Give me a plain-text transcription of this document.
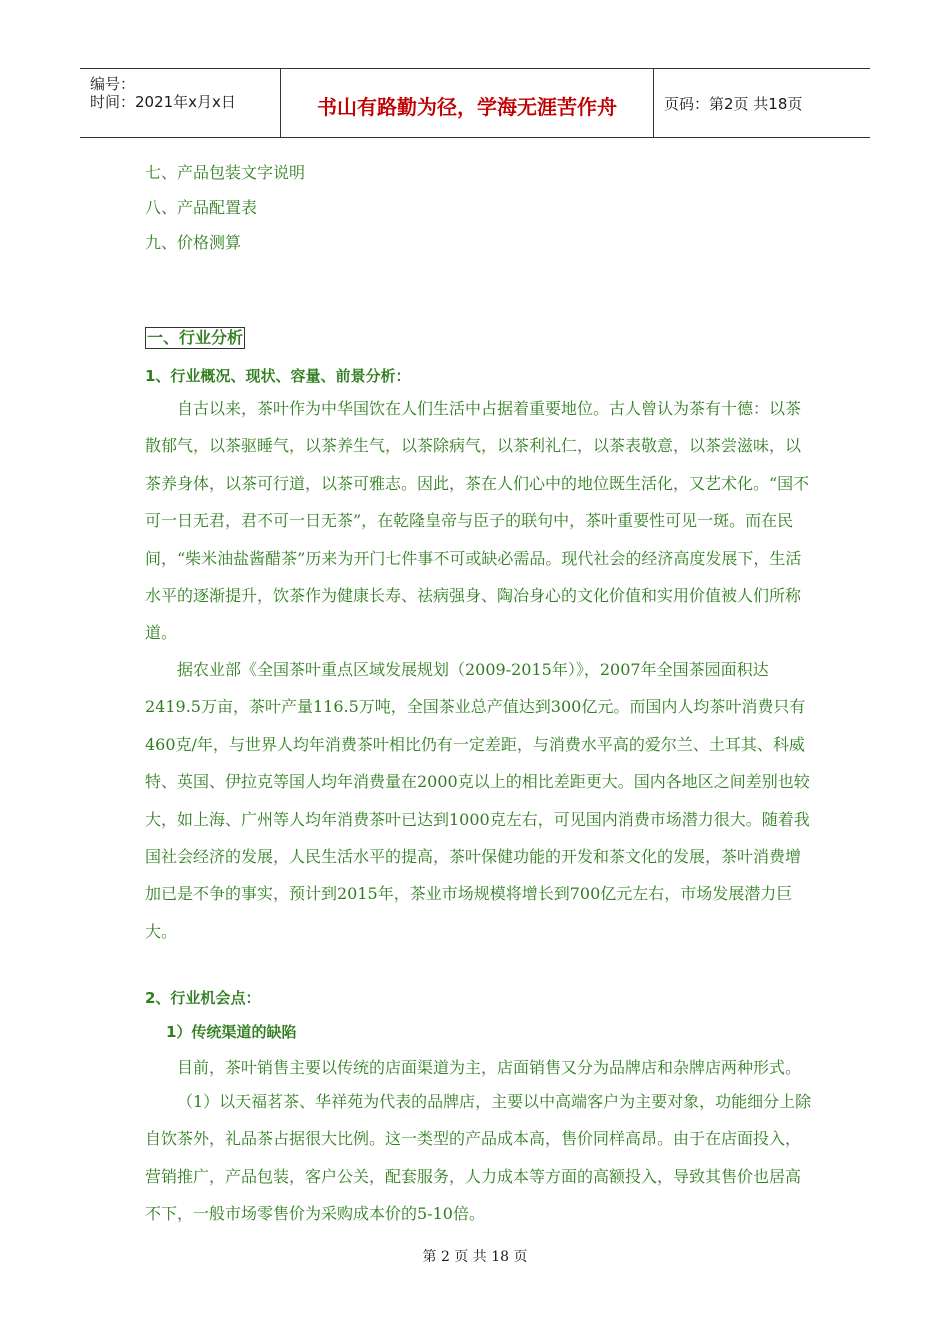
编号：
时间：2021年x月x日	书山有路勤为径，学海无涯苦作舟	页码：第2页 共18页
七、产品包装文字说明
八、产品配置表
九、价格测算
一、行业分析
1、行业概况、现状、容量、前景分析：

自古以来，茶叶作为中华国饮在人们生活中占据着重要地位。古人曾认为茶有十德：以茶散郁气，以茶驱睡气，以茶养生气，以茶除病气，以茶利礼仁，以茶表敬意，以茶尝滋味，以茶养身体，以茶可行道，以茶可雅志。因此，茶在人们心中的地位既生活化，又艺术化。“国不可一日无君，君不可一日无茶”，在乾隆皇帝与臣子的联句中，茶叶重要性可见一斑。而在民间，“柴米油盐酱醋茶”历来为开门七件事不可或缺必需品。现代社会的经济高度发展下，生活水平的逐渐提升，饮茶作为健康长寿、祛病强身、陶冶身心的文化价值和实用价值被人们所称道。

据农业部《全国茶叶重点区域发展规划（2009-2015年）》，2007年全国茶园面积达2419.5万亩，茶叶产量116.5万吨，全国茶业总产值达到300亿元。而国内人均茶叶消费只有460克/年，与世界人均年消费茶叶相比仍有一定差距，与消费水平高的爱尔兰、土耳其、科威特、英国、伊拉克等国人均年消费量在2000克以上的相比差距更大。国内各地区之间差别也较大，如上海、广州等人均年消费茶叶已达到1000克左右，可见国内消费市场潜力很大。随着我国社会经济的发展，人民生活水平的提高，茶叶保健功能的开发和茶文化的发展，茶叶消费增加已是不争的事实，预计到2015年，茶业市场规模将增长到700亿元左右，市场发展潜力巨大。

2、行业机会点：
1）传统渠道的缺陷

目前，茶叶销售主要以传统的店面渠道为主，店面销售又分为品牌店和杂牌店两种形式。

（1）以天福茗茶、华祥苑为代表的品牌店，主要以中高端客户为主要对象，功能细分上除自饮茶外，礼品茶占据很大比例。这一类型的产品成本高，售价同样高昂。由于在店面投入，营销推广，产品包装，客户公关，配套服务，人力成本等方面的高额投入，导致其售价也居高不下，一般市场零售价为采购成本价的5-10倍。

第 2 页 共 18 页
